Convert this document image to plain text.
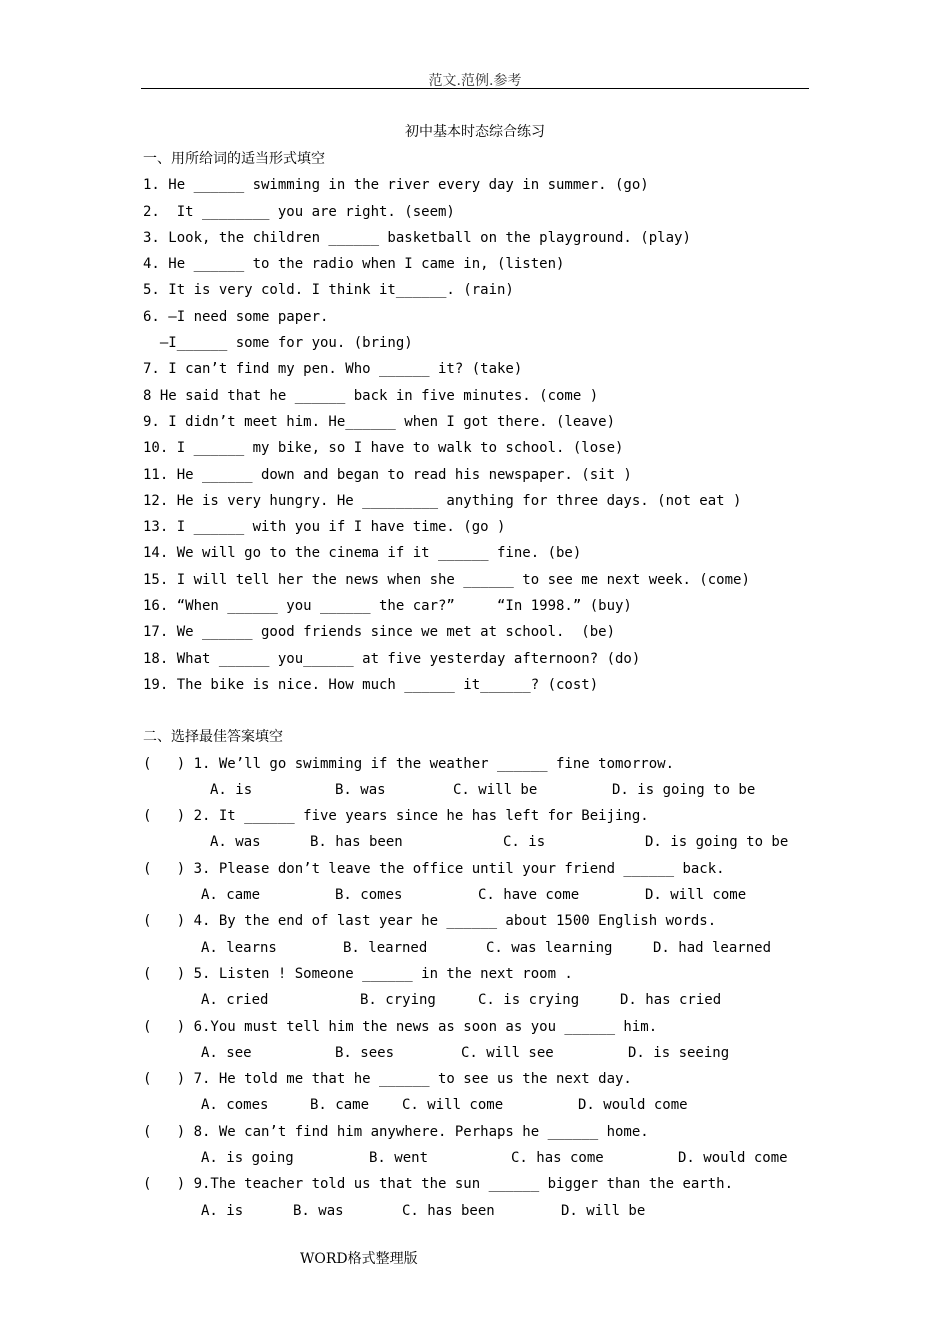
范文.范例.参考
初中基本时态综合练习
一、用所给词的适当形式填空
1. He ______ swimming in the river every day in summer. (go)
2.  It ________ you are right. (seem)
3. Look, the children ______ basketball on the playground. (play)
4. He ______ to the radio when I came in, (listen)
5. It is very cold. I think it______. (rain)
6. —I need some paper.
—I______ some for you. (bring)
7. I can’t find my pen. Who ______ it? (take)
8 He said that he ______ back in five minutes. (come )
9. I didn’t meet him. He______ when I got there. (leave)
10. I ______ my bike, so I have to walk to school. (lose)
11. He ______ down and began to read his newspaper. (sit )
12. He is very hungry. He _________ anything for three days. (not eat )
13. I ______ with you if I have time. (go )
14. We will go to the cinema if it ______ fine. (be)
15. I will tell her the news when she ______ to see me next week. (come)
16. “When ______ you ______ the car?”     “In 1998.” (buy)
17. We ______ good friends since we met at school.  (be)
18. What ______ you______ at five yesterday afternoon? (do)
19. The bike is nice. How much ______ it______? (cost)
二、选择最佳答案填空
(   ) 1. We’ll go swimming if the weather ______ fine tomorrow.
A. is	B. was	C. will be	D. is going to be
(   ) 2. It ______ five years since he has left for Beijing.
A. was	B. has been	C. is	D. is going to be
(   ) 3. Please don’t leave the office until your friend ______ back.
A. came	B. comes	C. have come	D. will come
(   ) 4. By the end of last year he ______ about 1500 English words.
A. learns	B. learned	C. was learning	D. had learned
(   ) 5. Listen ! Someone ______ in the next room .
A. cried	B. crying	C. is crying	D. has cried
(   ) 6.You must tell him the news as soon as you ______ him.
A. see	B. sees	C. will see	D. is seeing
(   ) 7. He told me that he ______ to see us the next day.
A. comes	B. came C. will come	D. would come
(   ) 8. We can’t find him anywhere. Perhaps he ______ home.
A. is going	B. went	C. has come	D. would come
(   ) 9.The teacher told us that the sun ______ bigger than the earth.
A. is	B. was	C. has been	D. will be
WORD格式整理版
